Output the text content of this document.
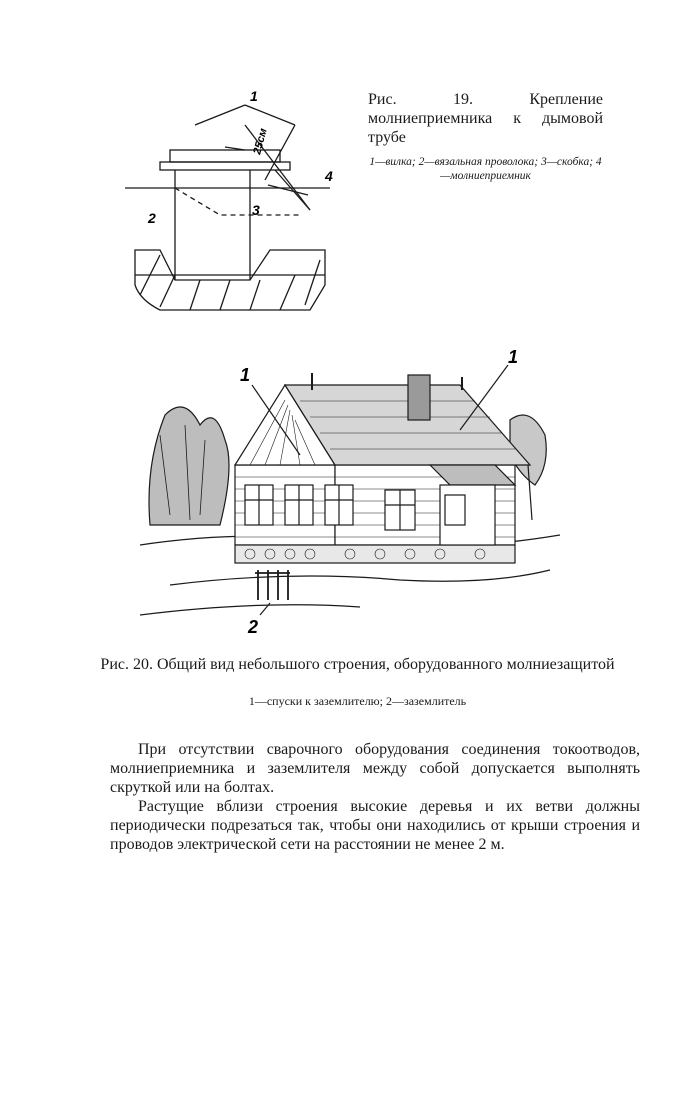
1
2	3
4
25см

Рис. 19. Крепление молниеприемника к дымовой трубе

1—вилка; 2—вязальная проволока; 3—скобка; 4—молниеприемник
1
1
2

Рис. 20. Общий вид небольшого строения, оборудованного молниезащитой

1—спуски к заземлителю; 2—заземлитель

При отсутствии сварочного оборудования соединения токоотводов, молниеприемника и заземлителя между собой допускается выполнять скруткой или на болтах.

Растущие вблизи строения высокие деревья и их ветви должны периодически подрезаться так, чтобы они находились от крыши строения и проводов электрической сети на расстоянии не менее 2 м.
